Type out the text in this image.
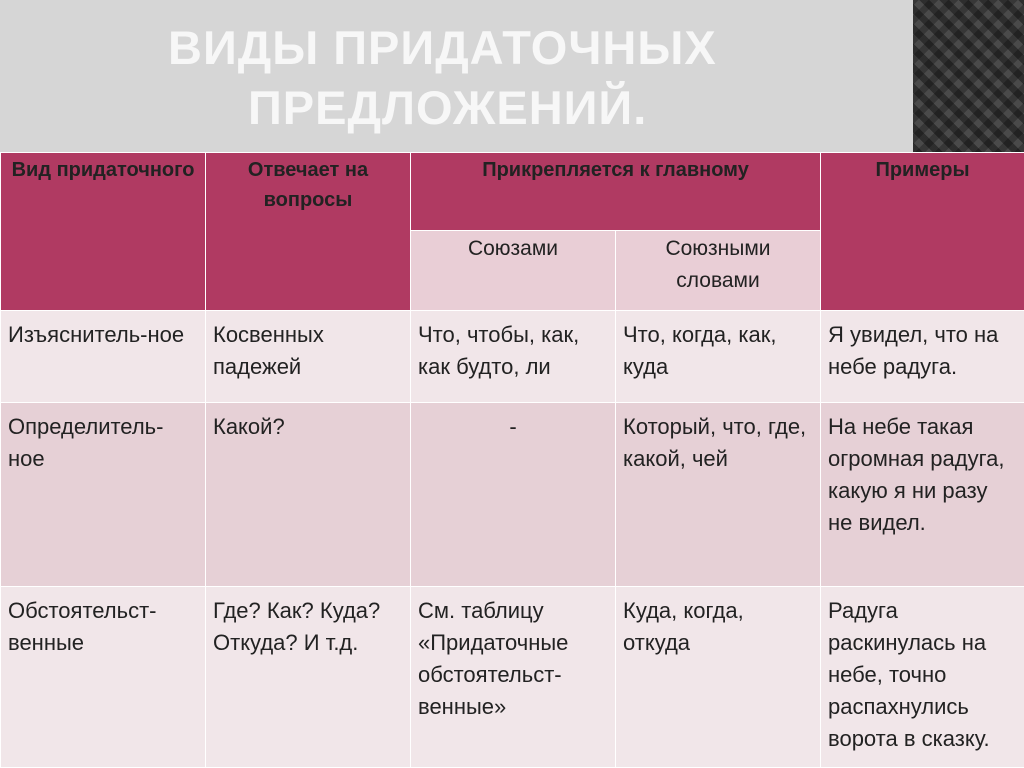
ВИДЫ ПРИДАТОЧНЫХ
ПРЕДЛОЖЕНИЙ.
Вид придаточного	Отвечает на вопросы	Прикрепляется к главному		Примеры
		Союзами	Союзными словами	
Изъяснитель-ное	Косвенных падежей	Что, чтобы, как, как будто, ли	Что, когда, как, куда	Я увидел, что на небе радуга.
Определитель-ное	Какой?	-	Который, что, где, какой, чей	На небе такая огромная радуга, какую я ни разу не видел.
Обстоятельст-венные	Где? Как? Куда? Откуда? И т.д.	См. таблицу «Придаточные обстоятельст-венные»	Куда, когда, откуда	Радуга раскинулась на небе, точно распахнулись ворота в сказку.
